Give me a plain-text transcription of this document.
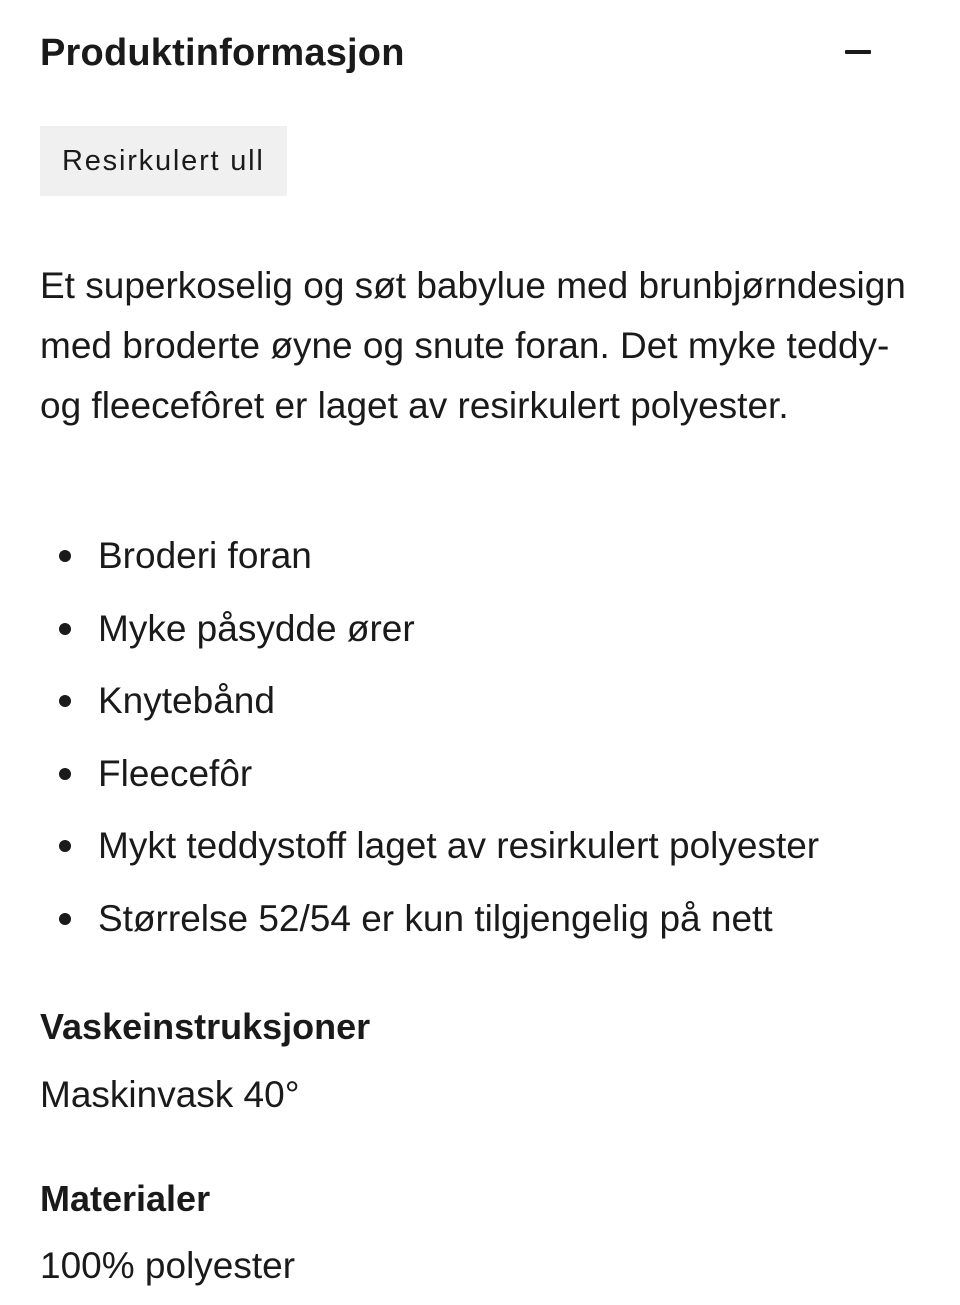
Produktinformasjon
Resirkulert ull

Et superkoselig og søt babylue med brunbjørndesign med broderte øyne og snute foran. Det myke teddy- og fleecefôret er laget av resirkulert polyester.

Broderi foran
Myke påsydde ører
Knytebånd
Fleecefôr
Mykt teddystoff laget av resirkulert polyester
Størrelse 52/54 er kun tilgjengelig på nett
Vaskeinstruksjoner

Maskinvask 40°

Materialer

100% polyester
